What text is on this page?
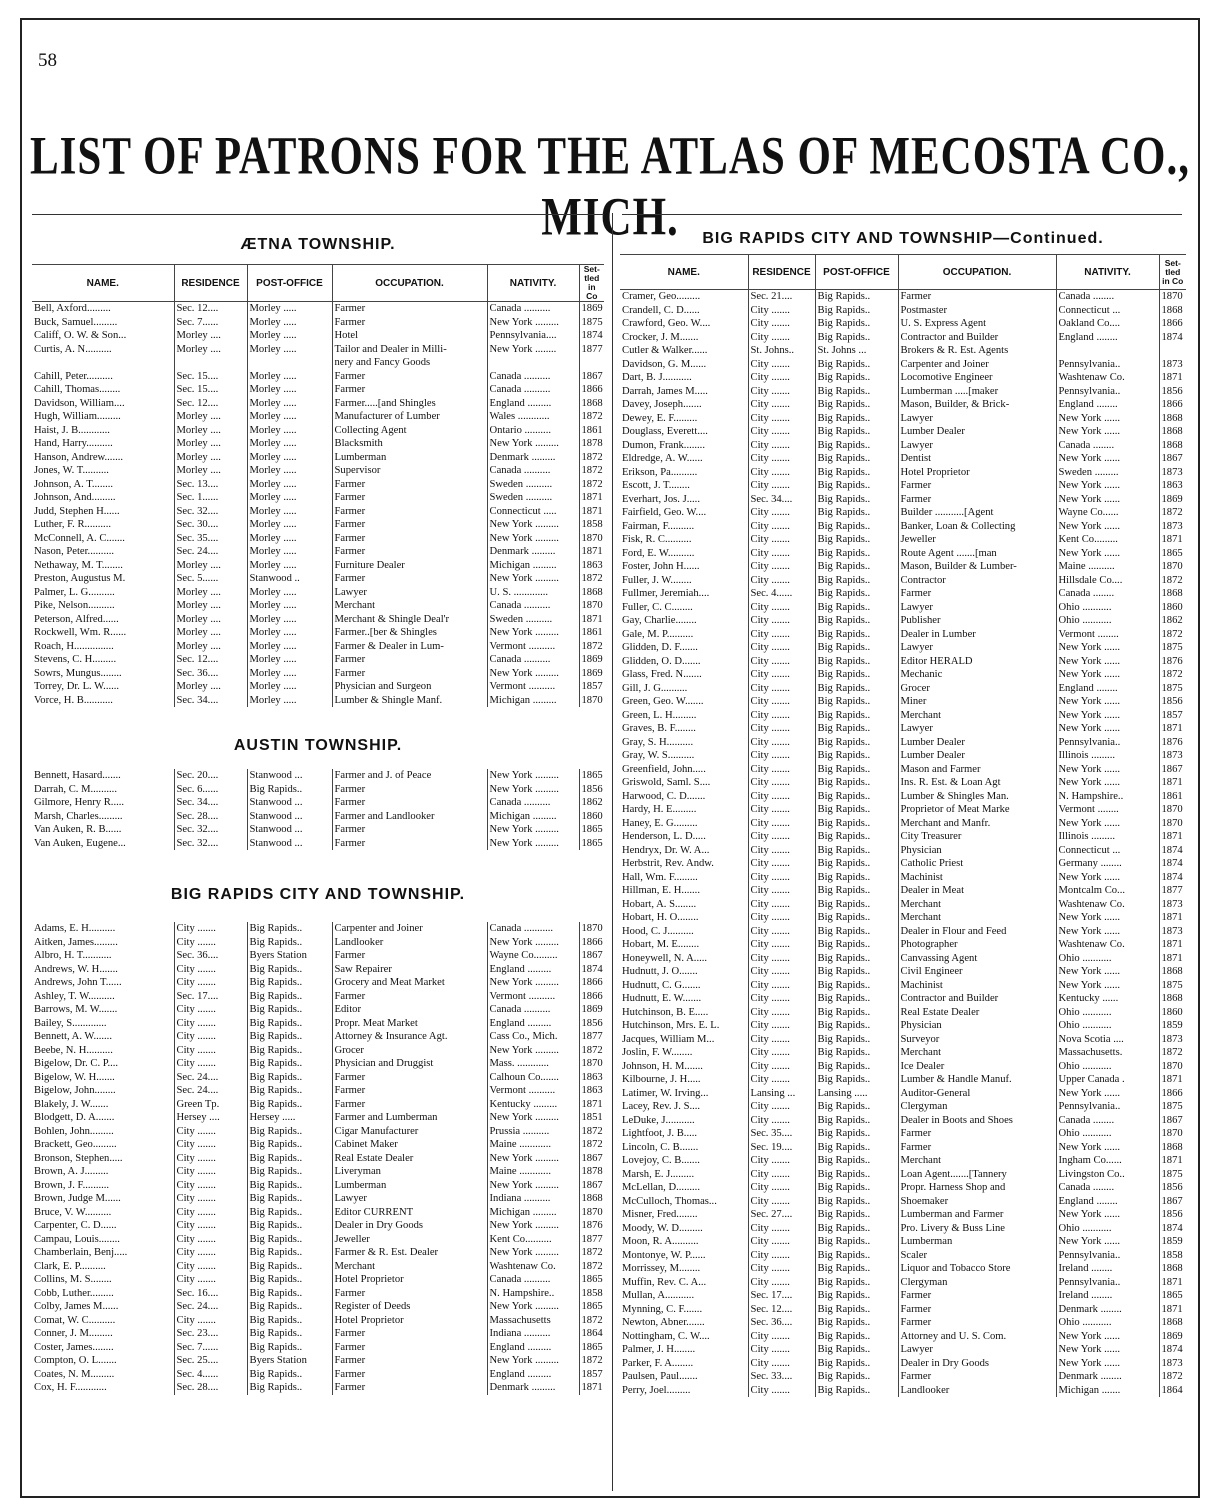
58
LIST OF PATRONS FOR THE ATLAS OF MECOSTA CO., MICH.
ÆTNA TOWNSHIP.
NAME.	RESIDENCE	POST-OFFICE	OCCUPATION.	NATIVITY.	Set-tled in Co
Bell, Axford.........	Sec. 12....	Morley .....	Farmer	Canada ..........	1869
Buck, Samuel.........	Sec. 7......	Morley .....	Farmer	New York .........	1875
Califf, O. W. & Son...	Morley ....	Morley .....	Hotel	Pennsylvania....	1874
Curtis, A. N..........	Morley ....	Morley .....	Tailor and Dealer in Milli-	New York ........	1877
			nery and Fancy Goods		
Cahill, Peter..........	Sec. 15....	Morley .....	Farmer	Canada ..........	1867
Cahill, Thomas........	Sec. 15....	Morley .....	Farmer	Canada ..........	1866
Davidson, William....	Sec. 12....	Morley .....	Farmer.....[and Shingles	England .........	1868
Hugh, William.........	Morley ....	Morley .....	Manufacturer of Lumber	Wales ............	1872
Haist, J. B............	Morley ....	Morley .....	Collecting Agent	Ontario ..........	1861
Hand, Harry..........	Morley ....	Morley .....	Blacksmith	New York .........	1878
Hanson, Andrew.......	Morley ....	Morley .....	Lumberman	Denmark .........	1872
Jones, W. T..........	Morley ....	Morley .....	Supervisor	Canada ..........	1872
Johnson, A. T........	Sec. 13....	Morley .....	Farmer	Sweden ..........	1872
Johnson, And.........	Sec. 1......	Morley .....	Farmer	Sweden ..........	1871
Judd, Stephen H......	Sec. 32....	Morley .....	Farmer	Connecticut .....	1871
Luther, F. R..........	Sec. 30....	Morley .....	Farmer	New York .........	1858
McConnell, A. C.......	Sec. 35....	Morley .....	Farmer	New York .........	1870
Nason, Peter..........	Sec. 24....	Morley .....	Farmer	Denmark .........	1871
Nethaway, M. T........	Morley ....	Morley .....	Furniture Dealer	Michigan .........	1863
Preston, Augustus M.	Sec. 5......	Stanwood ..	Farmer	New York .........	1872
Palmer, L. G..........	Morley ....	Morley .....	Lawyer	U. S. .............	1868
Pike, Nelson..........	Morley ....	Morley .....	Merchant	Canada ..........	1870
Peterson, Alfred......	Morley ....	Morley .....	Merchant & Shingle Deal'r	Sweden ..........	1871
Rockwell, Wm. R......	Morley ....	Morley .....	Farmer..[ber & Shingles	New York .........	1861
Roach, H...............	Morley ....	Morley .....	Farmer & Dealer in Lum-	Vermont ..........	1872
Stevens, C. H.........	Sec. 12....	Morley .....	Farmer	Canada ..........	1869
Sowrs, Mungus........	Sec. 36....	Morley .....	Farmer	New York .........	1869
Torrey, Dr. L. W......	Morley ....	Morley .....	Physician and Surgeon	Vermont ..........	1857
Vorce, H. B...........	Sec. 34....	Morley .....	Lumber & Shingle Manf.	Michigan .........	1870
AUSTIN TOWNSHIP.
Bennett, Hasard.......	Sec. 20....	Stanwood ...	Farmer and J. of Peace	New York .........	1865
Darrah, C. M..........	Sec. 6......	Big Rapids..	Farmer	New York .........	1856
Gilmore, Henry R.....	Sec. 34....	Stanwood ...	Farmer	Canada ..........	1862
Marsh, Charles.........	Sec. 28....	Stanwood ...	Farmer and Landlooker	Michigan .........	1860
Van Auken, R. B......	Sec. 32....	Stanwood ...	Farmer	New York .........	1865
Van Auken, Eugene...	Sec. 32....	Stanwood ...	Farmer	New York .........	1865
BIG RAPIDS CITY AND TOWNSHIP.
Adams, E. H..........	City .......	Big Rapids..	Carpenter and Joiner	Canada ...........	1870
Aitken, James.........	City .......	Big Rapids..	Landlooker	New York .........	1866
Albro, H. T...........	Sec. 36....	Byers Station	Farmer	Wayne Co.........	1867
Andrews, W. H.......	City .......	Big Rapids..	Saw Repairer	England .........	1874
Andrews, John T......	City .......	Big Rapids..	Grocery and Meat Market	New York .........	1866
Ashley, T. W..........	Sec. 17....	Big Rapids..	Farmer	Vermont ..........	1866
Barrows, M. W.......	City .......	Big Rapids..	Editor	Canada ..........	1869
Bailey, S.............	City .......	Big Rapids..	Propr. Meat Market	England .........	1856
Bennett, A. W.......	City .......	Big Rapids..	Attorney & Insurance Agt.	Cass Co., Mich.	1877
Beebe, N. H..........	City .......	Big Rapids..	Grocer	New York .........	1872
Bigelow, Dr. C. P....	City .......	Big Rapids..	Physician and Druggist	Mass. ............	1870
Bigelow, W. H.......	Sec. 24....	Big Rapids..	Farmer	Calhoun Co.......	1863
Bigelow, John........	Sec. 24....	Big Rapids..	Farmer	Vermont ..........	1863
Blakely, J. W.......	Green Tp.	Big Rapids..	Farmer	Kentucky .........	1871
Blodgett, D. A.......	Hersey ....	Hersey .....	Farmer and Lumberman	New York .........	1851
Bohlen, John.........	City .......	Big Rapids..	Cigar Manufacturer	Prussia ..........	1872
Brackett, Geo.........	City .......	Big Rapids..	Cabinet Maker	Maine ............	1872
Bronson, Stephen.....	City .......	Big Rapids..	Real Estate Dealer	New York .........	1867
Brown, A. J.........	City .......	Big Rapids..	Liveryman	Maine ............	1878
Brown, J. F..........	City .......	Big Rapids..	Lumberman	New York .........	1867
Brown, Judge M......	City .......	Big Rapids..	Lawyer	Indiana ..........	1868
Bruce, V. W..........	City .......	Big Rapids..	Editor CURRENT	Michigan .........	1870
Carpenter, C. D......	City .......	Big Rapids..	Dealer in Dry Goods	New York .........	1876
Campau, Louis........	City .......	Big Rapids..	Jeweller	Kent Co..........	1877
Chamberlain, Benj.....	City .......	Big Rapids..	Farmer & R. Est. Dealer	New York .........	1872
Clark, E. P..........	City .......	Big Rapids..	Merchant	Washtenaw Co.	1872
Collins, M. S........	City .......	Big Rapids..	Hotel Proprietor	Canada ..........	1865
Cobb, Luther.........	Sec. 16....	Big Rapids..	Farmer	N. Hampshire..	1858
Colby, James M......	Sec. 24....	Big Rapids..	Register of Deeds	New York .........	1865
Comat, W. C..........	City .......	Big Rapids..	Hotel Proprietor	Massachusetts	1872
Conner, J. M.........	Sec. 23....	Big Rapids..	Farmer	Indiana ..........	1864
Coster, James........	Sec. 7......	Big Rapids..	Farmer	England .........	1865
Compton, O. L.......	Sec. 25....	Byers Station	Farmer	New York .........	1872
Coates, N. M.........	Sec. 4......	Big Rapids..	Farmer	England .........	1857
Cox, H. F............	Sec. 28....	Big Rapids..	Farmer	Denmark .........	1871
BIG RAPIDS CITY AND TOWNSHIP—Continued.
NAME.	RESIDENCE	POST-OFFICE	OCCUPATION.	NATIVITY.	Set-tled in Co
Cramer, Geo.........	Sec. 21....	Big Rapids..	Farmer	Canada ........	1870
Crandell, C. D......	City .......	Big Rapids..	Postmaster	Connecticut ...	1868
Crawford, Geo. W....	City .......	Big Rapids..	U. S. Express Agent	Oakland Co....	1866
Crocker, J. M.......	City .......	Big Rapids..	Contractor and Builder	England ........	1874
Cutler & Walker......	St. Johns..	St. Johns ...	Brokers & R. Est. Agents		
Davidson, G. M......	City .......	Big Rapids..	Carpenter and Joiner	Pennsylvania..	1873
Dart, B. J...........	City .......	Big Rapids..	Locomotive Engineer	Washtenaw Co.	1871
Darrah, James M.....	City .......	Big Rapids..	Lumberman .....[maker	Pennsylvania..	1856
Davey, Joseph.......	City .......	Big Rapids..	Mason, Builder, & Brick-	England ........	1866
Dewey, E. F.........	City .......	Big Rapids..	Lawyer	New York ......	1868
Douglass, Everett....	City .......	Big Rapids..	Lumber Dealer	New York ......	1868
Dumon, Frank........	City .......	Big Rapids..	Lawyer	Canada ........	1868
Eldredge, A. W......	City .......	Big Rapids..	Dentist	New York ......	1867
Erikson, Pa..........	City .......	Big Rapids..	Hotel Proprietor	Sweden .........	1873
Escott, J. T........	City .......	Big Rapids..	Farmer	New York ......	1863
Everhart, Jos. J.....	Sec. 34....	Big Rapids..	Farmer	New York ......	1869
Fairfield, Geo. W....	City .......	Big Rapids..	Builder ...........[Agent	Wayne Co......	1872
Fairman, F..........	City .......	Big Rapids..	Banker, Loan & Collecting	New York ......	1873
Fisk, R. C..........	City .......	Big Rapids..	Jeweller	Kent Co.........	1871
Ford, E. W..........	City .......	Big Rapids..	Route Agent .......[man	New York ......	1865
Foster, John H......	City .......	Big Rapids..	Mason, Builder & Lumber-	Maine ..........	1870
Fuller, J. W........	City .......	Big Rapids..	Contractor	Hillsdale Co....	1872
Fullmer, Jeremiah....	Sec. 4......	Big Rapids..	Farmer	Canada ........	1868
Fuller, C. C........	City .......	Big Rapids..	Lawyer	Ohio ...........	1860
Gay, Charlie........	City .......	Big Rapids..	Publisher	Ohio ...........	1862
Gale, M. P..........	City .......	Big Rapids..	Dealer in Lumber	Vermont ........	1872
Glidden, D. F.......	City .......	Big Rapids..	Lawyer	New York ......	1875
Glidden, O. D.......	City .......	Big Rapids..	Editor HERALD	New York ......	1876
Glass, Fred. N.......	City .......	Big Rapids..	Mechanic	New York ......	1872
Gill, J. G..........	City .......	Big Rapids..	Grocer	England ........	1875
Green, Geo. W.......	City .......	Big Rapids..	Miner	New York ......	1856
Green, L. H.........	City .......	Big Rapids..	Merchant	New York ......	1857
Graves, B. F........	City .......	Big Rapids..	Lawyer	New York ......	1871
Gray, S. H..........	City .......	Big Rapids..	Lumber Dealer	Pennsylvania..	1876
Gray, W. S..........	City .......	Big Rapids..	Lumber Dealer	Illinois .........	1873
Greenfield, John.....	City .......	Big Rapids..	Mason and Farmer	New York ......	1867
Griswold, Saml. S....	City .......	Big Rapids..	Ins. R. Est. & Loan Agt	New York ......	1871
Harwood, C. D.......	City .......	Big Rapids..	Lumber & Shingles Man.	N. Hampshire..	1861
Hardy, H. E.........	City .......	Big Rapids..	Proprietor of Meat Marke	Vermont ........	1870
Haney, E. G.........	City .......	Big Rapids..	Merchant and Manfr.	New York ......	1870
Henderson, L. D.....	City .......	Big Rapids..	City Treasurer	Illinois .........	1871
Hendryx, Dr. W. A...	City .......	Big Rapids..	Physician	Connecticut ...	1874
Herbstrit, Rev. Andw.	City .......	Big Rapids..	Catholic Priest	Germany ........	1874
Hall, Wm. F.........	City .......	Big Rapids..	Machinist	New York ......	1874
Hillman, E. H.......	City .......	Big Rapids..	Dealer in Meat	Montcalm Co...	1877
Hobart, A. S........	City .......	Big Rapids..	Merchant	Washtenaw Co.	1873
Hobart, H. O........	City .......	Big Rapids..	Merchant	New York ......	1871
Hood, C. J..........	City .......	Big Rapids..	Dealer in Flour and Feed	New York ......	1873
Hobart, M. E........	City .......	Big Rapids..	Photographer	Washtenaw Co.	1871
Honeywell, N. A.....	City .......	Big Rapids..	Canvassing Agent	Ohio ...........	1871
Hudnutt, J. O.......	City .......	Big Rapids..	Civil Engineer	New York ......	1868
Hudnutt, C. G.......	City .......	Big Rapids..	Machinist	New York ......	1875
Hudnutt, E. W.......	City .......	Big Rapids..	Contractor and Builder	Kentucky ......	1868
Hutchinson, B. E.....	City .......	Big Rapids..	Real Estate Dealer	Ohio ...........	1860
Hutchinson, Mrs. E. L.	City .......	Big Rapids..	Physician	Ohio ...........	1859
Jacques, William M...	City .......	Big Rapids..	Surveyor	Nova Scotia ....	1873
Joslin, F. W........	City .......	Big Rapids..	Merchant	Massachusetts.	1872
Johnson, H. M.......	City .......	Big Rapids..	Ice Dealer	Ohio ...........	1870
Kilbourne, J. H.....	City .......	Big Rapids..	Lumber & Handle Manuf.	Upper Canada .	1871
Latimer, W. Irving...	Lansing ...	Lansing .....	Auditor-General	New York ......	1866
Lacey, Rev. J. S....	City .......	Big Rapids..	Clergyman	Pennsylvania..	1875
LeDuke, J...........	City .......	Big Rapids..	Dealer in Boots and Shoes	Canada ........	1867
Lightfoot, J. B.....	Sec. 35....	Big Rapids..	Farmer	Ohio ...........	1870
Lincoln, C. B.......	Sec. 19....	Big Rapids..	Farmer	New York ......	1868
Lovejoy, C. B.......	City .......	Big Rapids..	Merchant	Ingham Co......	1871
Marsh, E. J.........	City .......	Big Rapids..	Loan Agent.......[Tannery	Livingston Co..	1875
McLellan, D.........	City .......	Big Rapids..	Propr. Harness Shop and	Canada ........	1856
McCulloch, Thomas...	City .......	Big Rapids..	Shoemaker	England ........	1867
Misner, Fred........	Sec. 27....	Big Rapids..	Lumberman and Farmer	New York ......	1856
Moody, W. D.........	City .......	Big Rapids..	Pro. Livery & Buss Line	Ohio ...........	1874
Moon, R. A..........	City .......	Big Rapids..	Lumberman	New York ......	1859
Montonye, W. P......	City .......	Big Rapids..	Scaler	Pennsylvania..	1858
Morrissey, M........	City .......	Big Rapids..	Liquor and Tobacco Store	Ireland ........	1868
Muffin, Rev. C. A...	City .......	Big Rapids..	Clergyman	Pennsylvania..	1871
Mullan, A...........	Sec. 17....	Big Rapids..	Farmer	Ireland ........	1865
Mynning, C. F.......	Sec. 12....	Big Rapids..	Farmer	Denmark ........	1871
Newton, Abner.......	Sec. 36....	Big Rapids..	Farmer	Ohio ...........	1868
Nottingham, C. W....	City .......	Big Rapids..	Attorney and U. S. Com.	New York ......	1869
Palmer, J. H........	City .......	Big Rapids..	Lawyer	New York ......	1874
Parker, F. A........	City .......	Big Rapids..	Dealer in Dry Goods	New York ......	1873
Paulsen, Paul.......	Sec. 33....	Big Rapids..	Farmer	Denmark ........	1872
Perry, Joel.........	City .......	Big Rapids..	Landlooker	Michigan .......	1864
